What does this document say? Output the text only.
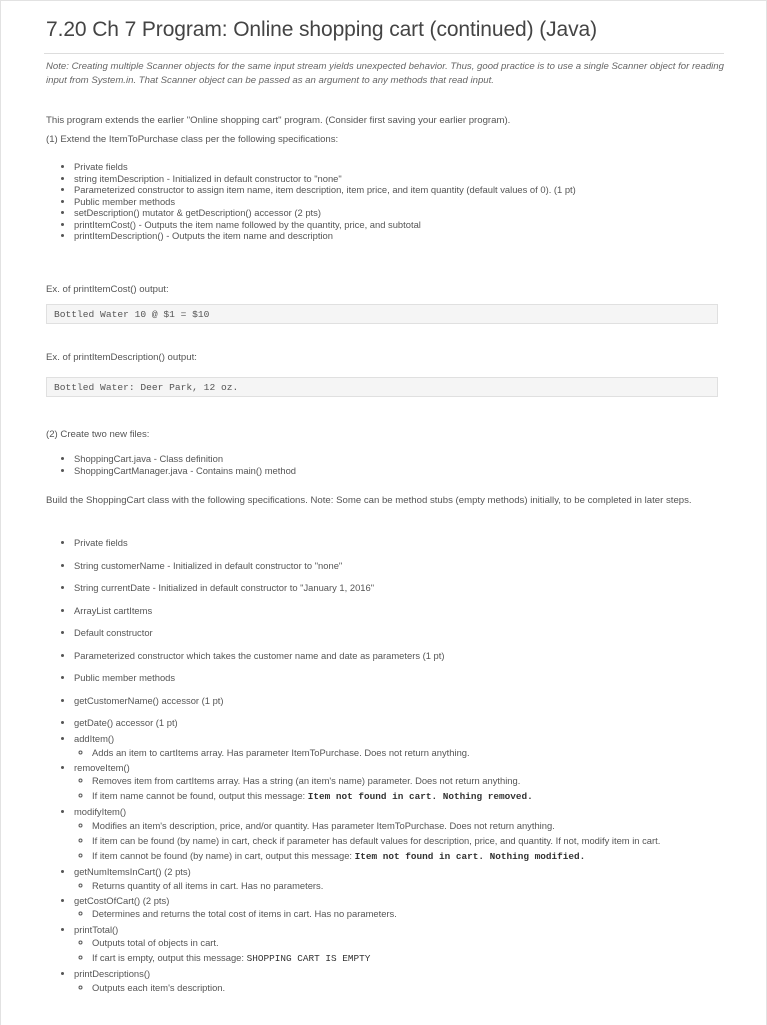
7.20 Ch 7 Program: Online shopping cart (continued) (Java)
Note: Creating multiple Scanner objects for the same input stream yields unexpected behavior. Thus, good practice is to use a single Scanner object for reading input from System.in. That Scanner object can be passed as an argument to any methods that read input.
This program extends the earlier "Online shopping cart" program. (Consider first saving your earlier program).
(1) Extend the ItemToPurchase class per the following specifications:
• Private fields
• string itemDescription - Initialized in default constructor to "none"
• Parameterized constructor to assign item name, item description, item price, and item quantity (default values of 0). (1 pt)
• Public member methods
• setDescription() mutator & getDescription() accessor (2 pts)
• printItemCost() - Outputs the item name followed by the quantity, price, and subtotal
• printItemDescription() - Outputs the item name and description
Ex. of printItemCost() output:
Bottled Water 10 @ $1 = $10
Ex. of printItemDescription() output:
Bottled Water: Deer Park, 12 oz.
(2) Create two new files:
• ShoppingCart.java - Class definition
• ShoppingCartManager.java - Contains main() method
Build the ShoppingCart class with the following specifications. Note: Some can be method stubs (empty methods) initially, to be completed in later steps.
• Private fields
• String customerName - Initialized in default constructor to "none"
• String currentDate - Initialized in default constructor to "January 1, 2016"
• ArrayList cartItems
• Default constructor
• Parameterized constructor which takes the customer name and date as parameters (1 pt)
• Public member methods
• getCustomerName() accessor (1 pt)
• getDate() accessor (1 pt)
• addItem()
◦ Adds an item to cartItems array. Has parameter ItemToPurchase. Does not return anything.
• removeItem()
◦ Removes item from cartItems array. Has a string (an item's name) parameter. Does not return anything.
◦ If item name cannot be found, output this message: Item not found in cart. Nothing removed.
• modifyItem()
◦ Modifies an item's description, price, and/or quantity. Has parameter ItemToPurchase. Does not return anything.
◦ If item can be found (by name) in cart, check if parameter has default values for description, price, and quantity. If not, modify item in cart.
◦ If item cannot be found (by name) in cart, output this message: Item not found in cart. Nothing modified.
• getNumItemsInCart() (2 pts)
◦ Returns quantity of all items in cart. Has no parameters.
• getCostOfCart() (2 pts)
◦ Determines and returns the total cost of items in cart. Has no parameters.
• printTotal()
◦ Outputs total of objects in cart.
◦ If cart is empty, output this message: SHOPPING CART IS EMPTY
• printDescriptions()
◦ Outputs each item's description.
